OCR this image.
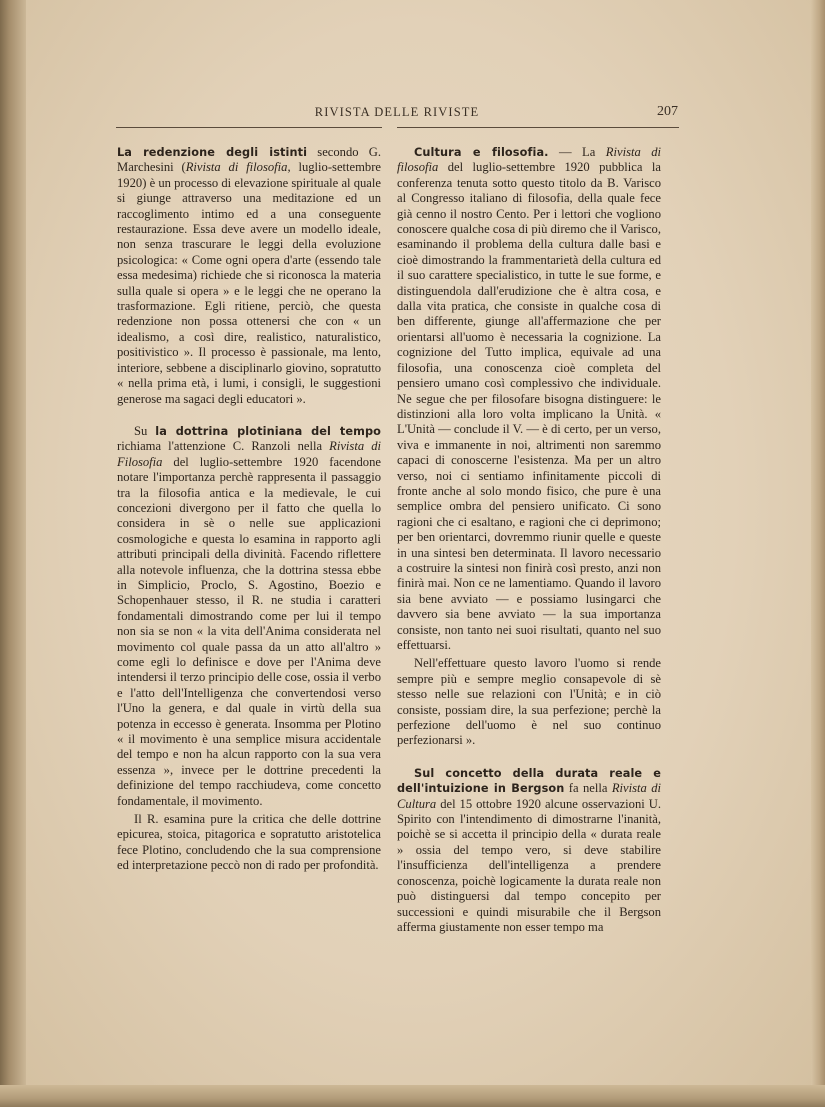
RIVISTA DELLE RIVISTE	207

La redenzione degli istinti secondo G. Marchesini (Rivista di filosofia, luglio-settembre 1920) è un processo di elevazione spirituale al quale si giunge attraverso una meditazione ed un raccoglimento intimo ed a una conseguente restaurazione. Essa deve avere un modello ideale, non senza trascurare le leggi della evoluzione psicologica: « Come ogni opera d'arte (essendo tale essa medesima) richiede che si riconosca la materia sulla quale si opera » e le leggi che ne operano la trasformazione. Egli ritiene, perciò, che questa redenzione non possa ottenersi che con « un idealismo, a così dire, realistico, naturalistico, positivistico ». Il processo è passionale, ma lento, interiore, sebbene a disciplinarlo giovino, sopratutto « nella prima età, i lumi, i consigli, le suggestioni generose ma sagaci degli educatori ».

Su la dottrina plotiniana del tempo richiama l'attenzione C. Ranzoli nella Rivista di Filosofia del luglio-settembre 1920 facendone notare l'importanza perchè rappresenta il passaggio tra la filosofia antica e la medievale, le cui concezioni divergono per il fatto che quella lo considera in sè o nelle sue applicazioni cosmologiche e questa lo esamina in rapporto agli attributi principali della divinità. Facendo riflettere alla notevole influenza, che la dottrina stessa ebbe in Simplicio, Proclo, S. Agostino, Boezio e Schopenhauer stesso, il R. ne studia i caratteri fondamentali dimostrando come per lui il tempo non sia se non « la vita dell'Anima considerata nel movimento col quale passa da un atto all'altro » come egli lo definisce e dove per l'Anima deve intendersi il terzo principio delle cose, ossia il verbo e l'atto dell'Intelligenza che convertendosi verso l'Uno la genera, e dal quale in virtù della sua potenza in eccesso è generata. Insomma per Plotino « il movimento è una semplice misura accidentale del tempo e non ha alcun rapporto con la sua vera essenza », invece per le dottrine precedenti la definizione del tempo racchiudeva, come concetto fondamentale, il movimento.

Il R. esamina pure la critica che delle dottrine epicurea, stoica, pitagorica e sopratutto aristotelica fece Plotino, concludendo che la sua comprensione ed interpretazione peccò non di rado per profondità.

Cultura e filosofia. — La Rivista di filosofia del luglio-settembre 1920 pubblica la conferenza tenuta sotto questo titolo da B. Varisco al Congresso italiano di filosofia, della quale fece già cenno il nostro Cento. Per i lettori che vogliono conoscere qualche cosa di più diremo che il Varisco, esaminando il problema della cultura dalle basi e cioè dimostrando la frammentarietà della cultura ed il suo carattere specialistico, in tutte le sue forme, e distinguendola dall'erudizione che è altra cosa, e dalla vita pratica, che consiste in qualche cosa di ben differente, giunge all'affermazione che per orientarsi all'uomo è necessaria la cognizione. La cognizione del Tutto implica, equivale ad una filosofia, una conoscenza cioè completa del pensiero umano così complessivo che individuale. Ne segue che per filosofare bisogna distinguere: le distinzioni alla loro volta implicano la Unità. « L'Unità — conclude il V. — è di certo, per un verso, viva e immanente in noi, altrimenti non saremmo capaci di conoscerne l'esistenza. Ma per un altro verso, noi ci sentiamo infinitamente piccoli di fronte anche al solo mondo fisico, che pure è una semplice ombra del pensiero unificato. Ci sono ragioni che ci esaltano, e ragioni che ci deprimono; per ben orientarci, dovremmo riunir quelle e queste in una sintesi ben determinata. Il lavoro necessario a costruire la sintesi non finirà così presto, anzi non finirà mai. Non ce ne lamentiamo. Quando il lavoro sia bene avviato — e possiamo lusingarci che davvero sia bene avviato — la sua importanza consiste, non tanto nei suoi risultati, quanto nel suo effettuarsi.

Nell'effettuare questo lavoro l'uomo si rende sempre più e sempre meglio consapevole di sè stesso nelle sue relazioni con l'Unità; e in ciò consiste, possiam dire, la sua perfezione; perchè la perfezione dell'uomo è nel suo continuo perfezionarsi ».

Sul concetto della durata reale e dell'intuizione in Bergson fa nella Rivista di Cultura del 15 ottobre 1920 alcune osservazioni U. Spirito con l'intendimento di dimostrarne l'inanità, poichè se si accetta il principio della « durata reale » ossia del tempo vero, si deve stabilire l'insufficienza dell'intelligenza a prendere conoscenza, poichè logicamente la durata reale non può distinguersi dal tempo concepito per successioni e quindi misurabile che il Bergson afferma giustamente non esser tempo ma
